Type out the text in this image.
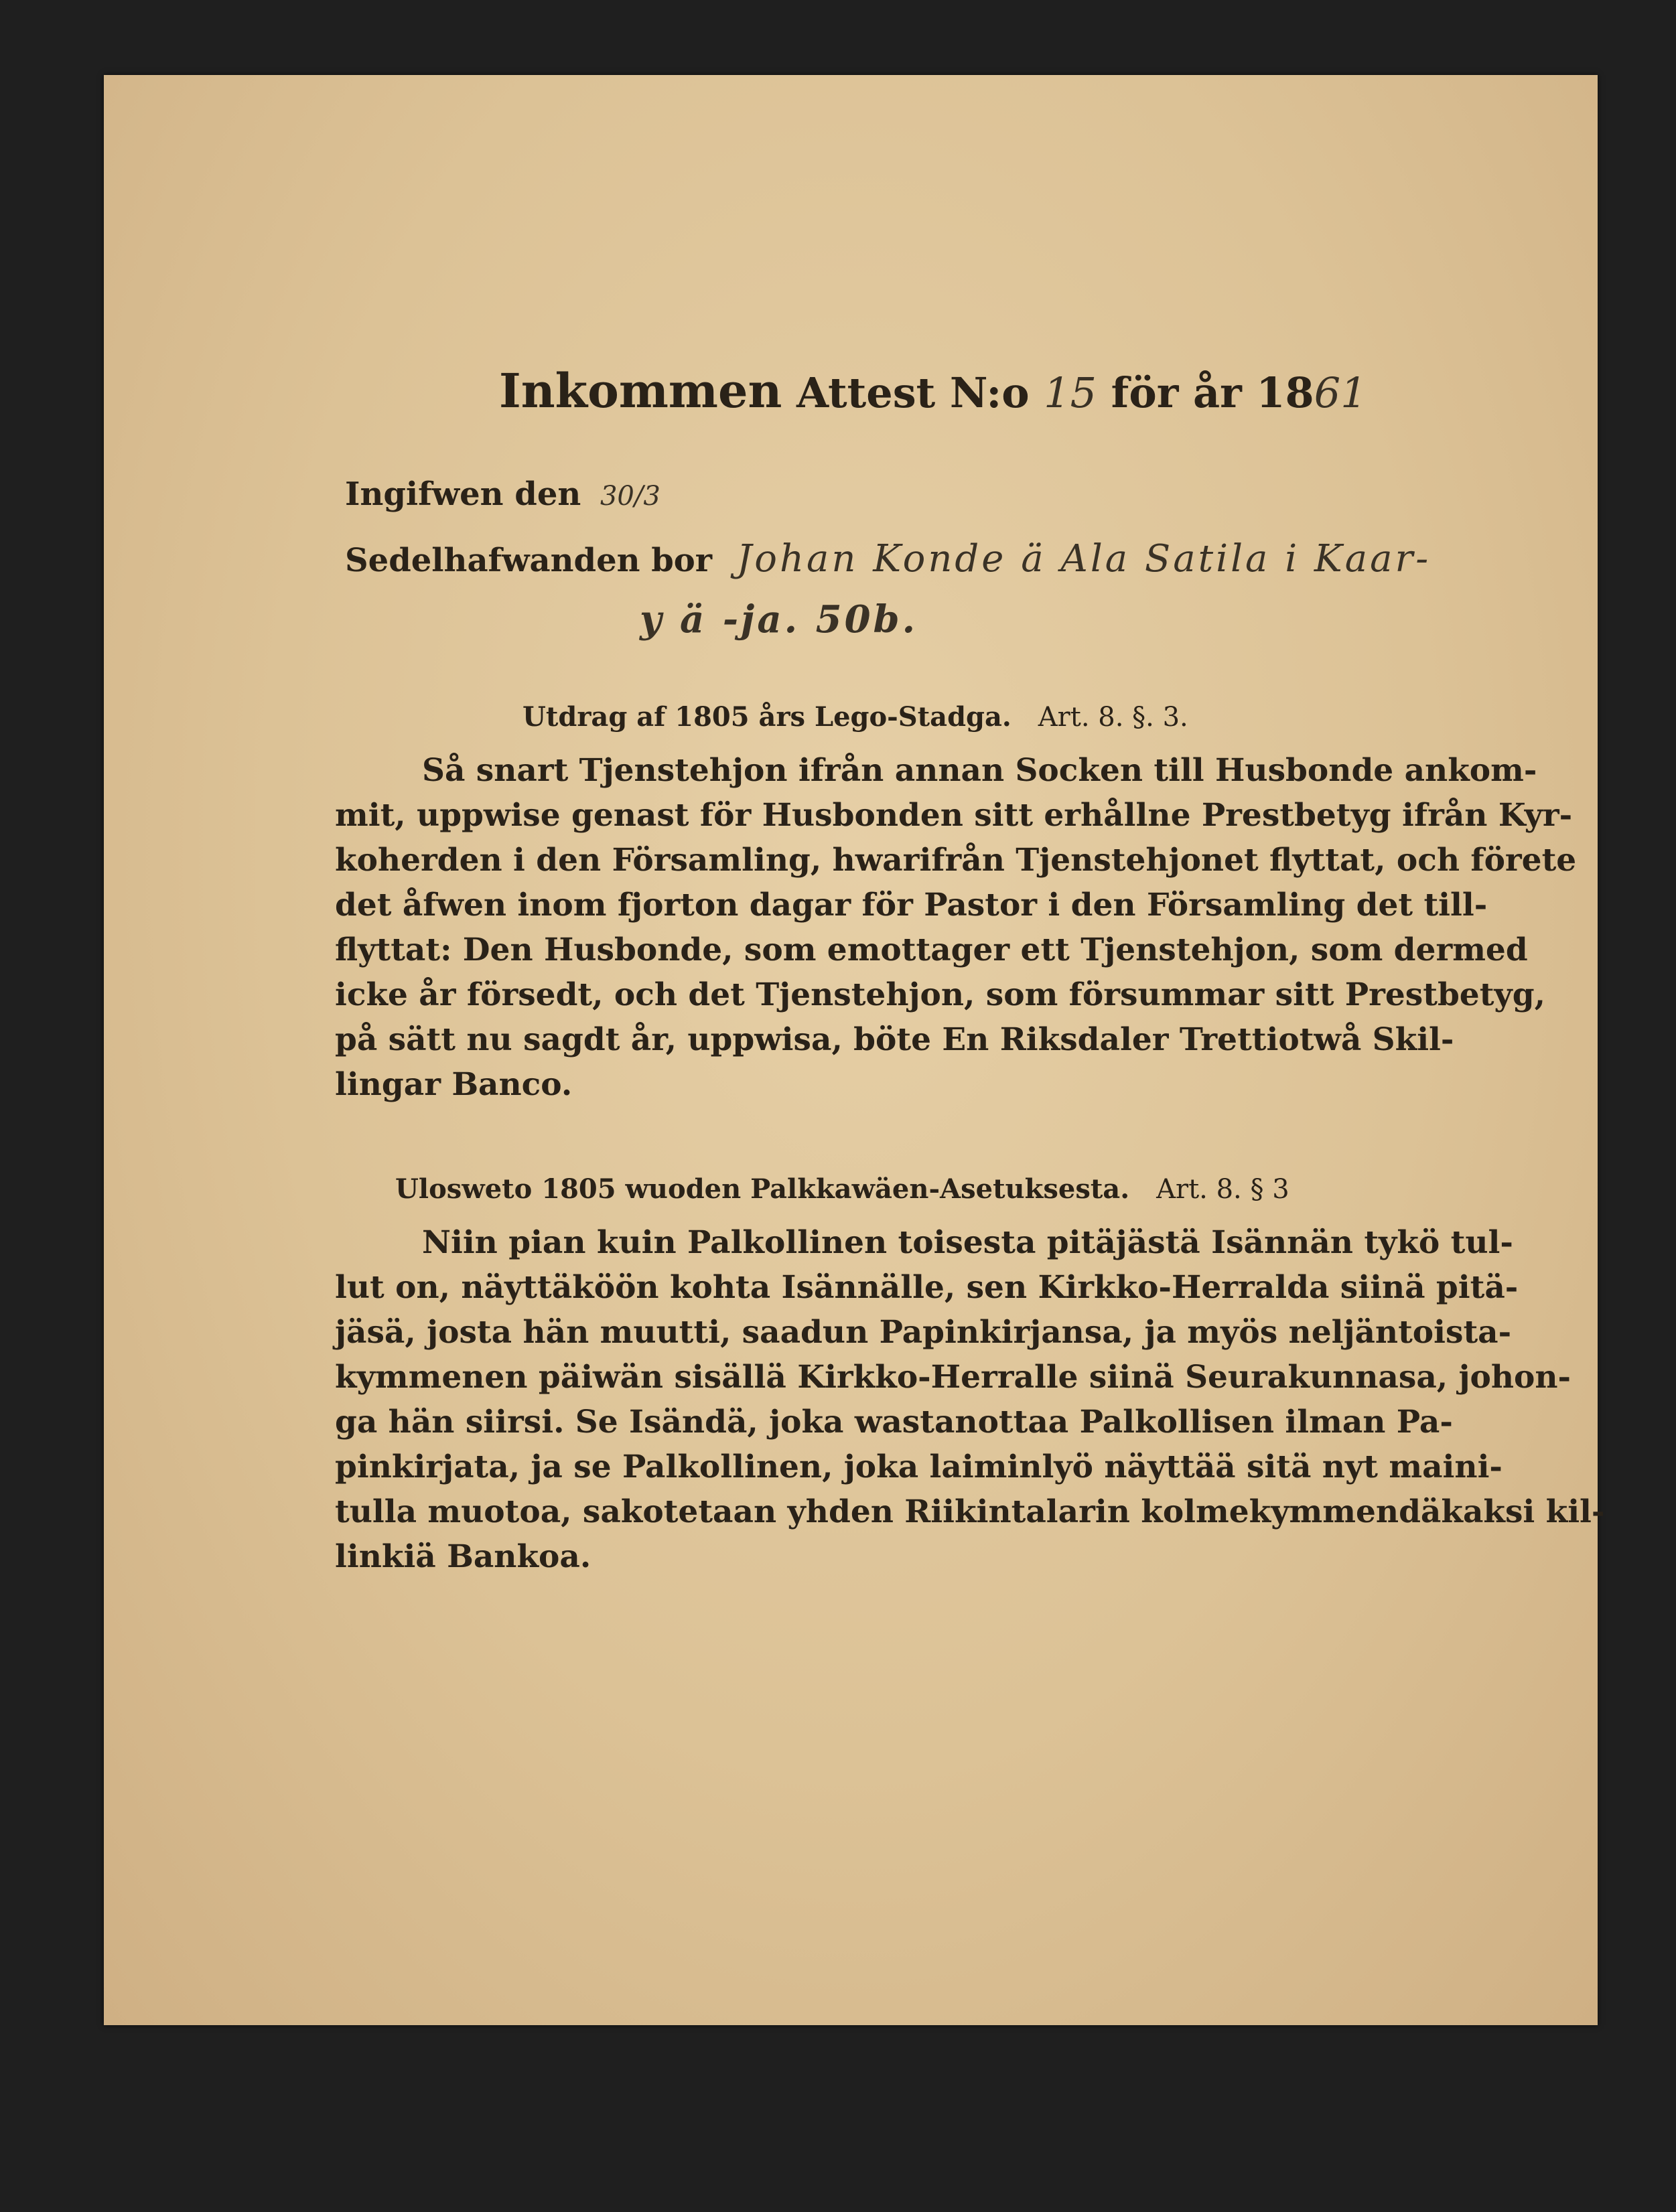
Inkommen Attest N:o 15 för år 1861
Ingifwen den 30/3
Sedelhafwanden bor Johan Konde ä Ala Satila i Kaar-
y ä -ja. 50b.
Utdrag af 1805 års Lego-Stadga. Art. 8. §. 3.
Så snart Tjenstehjon ifrån annan Socken till Husbonde ankom-
mit, uppwise genast för Husbonden sitt erhållne Prestbetyg ifrån Kyr-
koherden i den Församling, hwarifrån Tjenstehjonet flyttat, och förete
det åfwen inom fjorton dagar för Pastor i den Församling det till-
flyttat: Den Husbonde, som emottager ett Tjenstehjon, som dermed
icke år försedt, och det Tjenstehjon, som försummar sitt Prestbetyg,
på sätt nu sagdt år, uppwisa, böte En Riksdaler Trettiotwå Skil-
lingar Banco.
Ulosweto 1805 wuoden Palkkawäen-Asetuksesta. Art. 8. § 3
Niin pian kuin Palkollinen toisesta pitäjästä Isännän tykö tul-
lut on, näyttäköön kohta Isännälle, sen Kirkko-Herralda siinä pitä-
jäsä, josta hän muutti, saadun Papinkirjansa, ja myös neljäntoista-
kymmenen päiwän sisällä Kirkko-Herralle siinä Seurakunnasa, johon-
ga hän siirsi. Se Isändä, joka wastanottaa Palkollisen ilman Pa-
pinkirjata, ja se Palkollinen, joka laiminlyö näyttää sitä nyt maini-
tulla muotoa, sakotetaan yhden Riikintalarin kolmekymmendäkaksi kil-
linkiä Bankoa.
